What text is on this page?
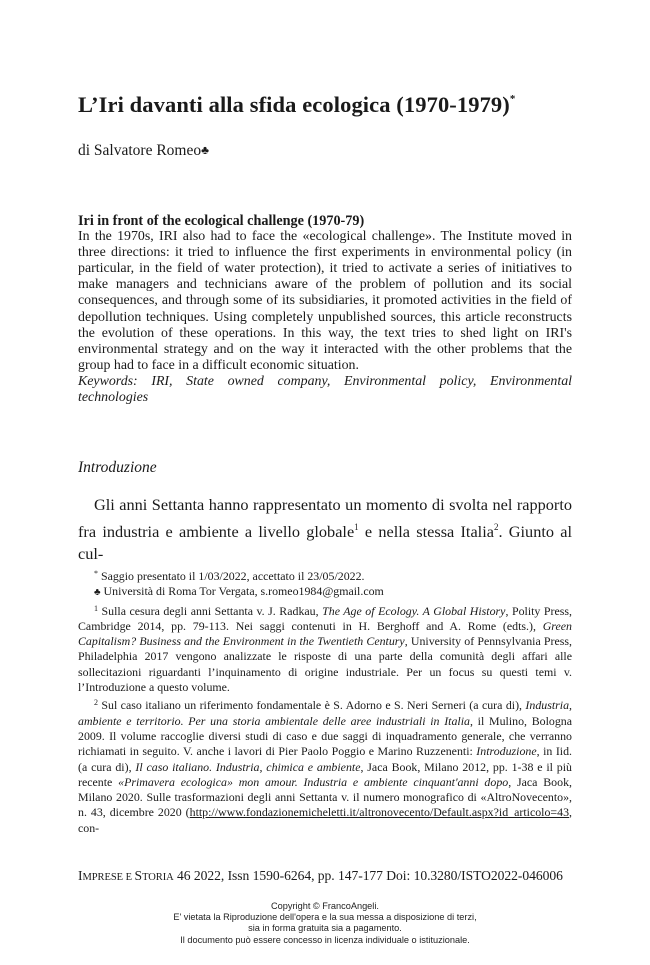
L’Iri davanti alla sfida ecologica (1970-1979)*
di Salvatore Romeo♣

Iri in front of the ecological challenge (1970-79)

In the 1970s, IRI also had to face the «ecological challenge». The Institute moved in three directions: it tried to influence the first experiments in environmental policy (in particular, in the field of water protection), it tried to activate a series of initiatives to make managers and technicians aware of the problem of pollution and its social consequences, and through some of its subsidiaries, it promoted activities in the field of depollution techniques. Using completely unpublished sources, this article reconstructs the evolution of these operations. In this way, the text tries to shed light on IRI's environmental strategy and on the way it interacted with the other problems that the group had to face in a difficult economic situation.

Keywords: IRI, State owned company, Environmental policy, Environmental technologies

Introduzione

Gli anni Settanta hanno rappresentato un momento di svolta nel rapporto fra industria e ambiente a livello globale$^1$ e nella stessa Italia$^2$. Giunto al cul-

* Saggio presentato il 1/03/2022, accettato il 23/05/2022.

♣ Università di Roma Tor Vergata, s.romeo1984@gmail.com

$^1$ Sulla cesura degli anni Settanta v. J. Radkau, The Age of Ecology. A Global History, Polity Press, Cambridge 2014, pp. 79-113. Nei saggi contenuti in H. Berghoff and A. Rome (edts.), Green Capitalism? Business and the Environment in the Twentieth Century, University of Pennsylvania Press, Philadelphia 2017 vengono analizzate le risposte di una parte della comunità degli affari alle sollecitazioni riguardanti l’inquinamento di origine industriale. Per un focus su questi temi v. l’Introduzione a questo volume.

$^2$ Sul caso italiano un riferimento fondamentale è S. Adorno e S. Neri Serneri (a cura di), Industria, ambiente e territorio. Per una storia ambientale delle aree industriali in Italia, il Mulino, Bologna 2009. Il volume raccoglie diversi studi di caso e due saggi di inquadramento generale, che verranno richiamati in seguito. V. anche i lavori di Pier Paolo Poggio e Marino Ruzzenenti: Introduzione, in Iid. (a cura di), Il caso italiano. Industria, chimica e ambiente, Jaca Book, Milano 2012, pp. 1-38 e il più recente «Primavera ecologica» mon amour. Industria e ambiente cinquant'anni dopo, Jaca Book, Milano 2020. Sulle trasformazioni degli anni Settanta v. il numero monografico di «AltroNovecento», n. 43, dicembre 2020 (http://www.fondazionemicheletti.it/altronovecento/Default.aspx?id_articolo=43, con-

IMPRESE E STORIA 46 2022, Issn 1590-6264, pp. 147-177 Doi: 10.3280/ISTO2022-046006
Copyright © FrancoAngeli.
E' vietata la Riproduzione dell'opera e la sua messa a disposizione di terzi,
sia in forma gratuita sia a pagamento.
Il documento può essere concesso in licenza individuale o istituzionale.
